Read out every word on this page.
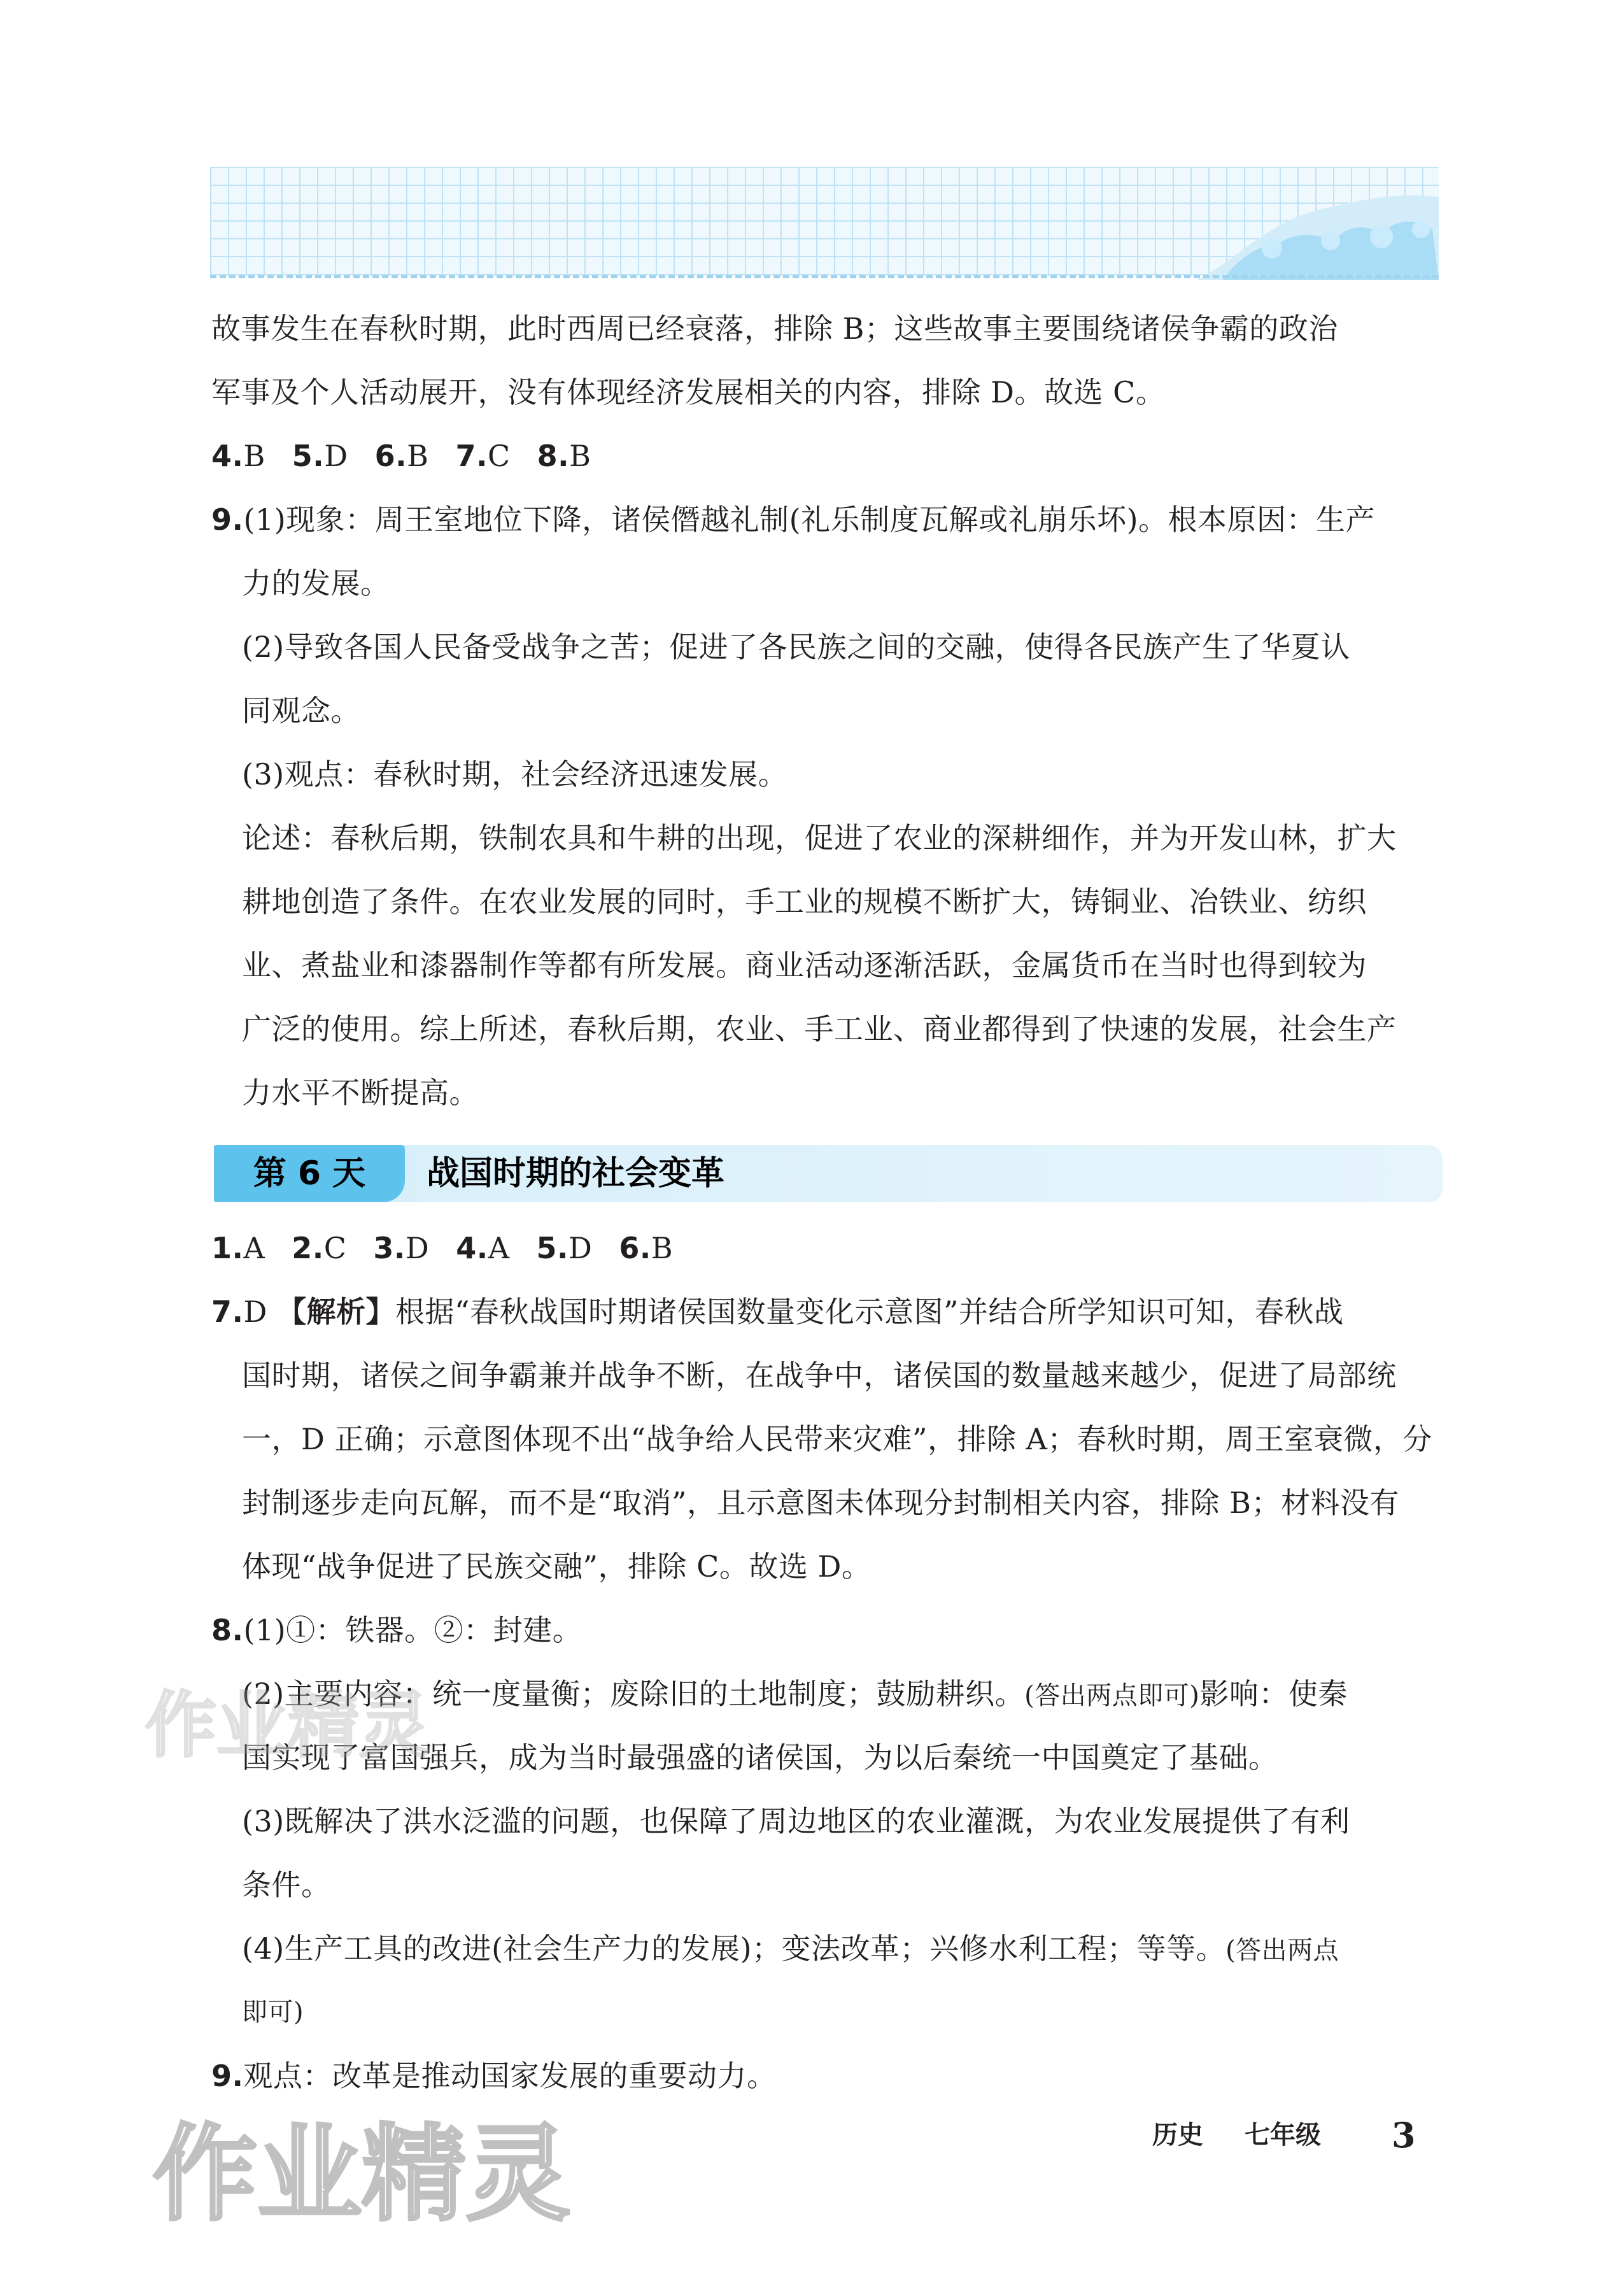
故事发生在春秋时期，此时西周已经衰落，排除 B；这些故事主要围绕诸侯争霸的政治
军事及个人活动展开，没有体现经济发展相关的内容，排除 D。故选 C。
4.B 5.D 6.B 7.C 8.B
9.(1)现象：周王室地位下降，诸侯僭越礼制(礼乐制度瓦解或礼崩乐坏)。根本原因：生产
力的发展。
(2)导致各国人民备受战争之苦；促进了各民族之间的交融，使得各民族产生了华夏认
同观念。
(3)观点：春秋时期，社会经济迅速发展。
论述：春秋后期，铁制农具和牛耕的出现，促进了农业的深耕细作，并为开发山林，扩大
耕地创造了条件。在农业发展的同时，手工业的规模不断扩大，铸铜业、冶铁业、纺织
业、煮盐业和漆器制作等都有所发展。商业活动逐渐活跃，金属货币在当时也得到较为
广泛的使用。综上所述，春秋后期，农业、手工业、商业都得到了快速的发展，社会生产
力水平不断提高。
第 6 天	战国时期的社会变革
1.A 2.C 3.D 4.A 5.D 6.B
7.D 【解析】根据“春秋战国时期诸侯国数量变化示意图”并结合所学知识可知，春秋战
国时期，诸侯之间争霸兼并战争不断，在战争中，诸侯国的数量越来越少，促进了局部统
一，D 正确；示意图体现不出“战争给人民带来灾难”，排除 A；春秋时期，周王室衰微，分
封制逐步走向瓦解，而不是“取消”，且示意图未体现分封制相关内容，排除 B；材料没有
体现“战争促进了民族交融”，排除 C。故选 D。
8.(1)①：铁器。②：封建。
(2)主要内容：统一度量衡；废除旧的土地制度；鼓励耕织。(答出两点即可)影响：使秦
国实现了富国强兵，成为当时最强盛的诸侯国，为以后秦统一中国奠定了基础。
(3)既解决了洪水泛滥的问题，也保障了周边地区的农业灌溉，为农业发展提供了有利
条件。
(4)生产工具的改进(社会生产力的发展)；变法改革；兴修水利工程；等等。(答出两点
即可)
9.观点：改革是推动国家发展的重要动力。
作业精灵
作业精灵	历史 七年级 3
